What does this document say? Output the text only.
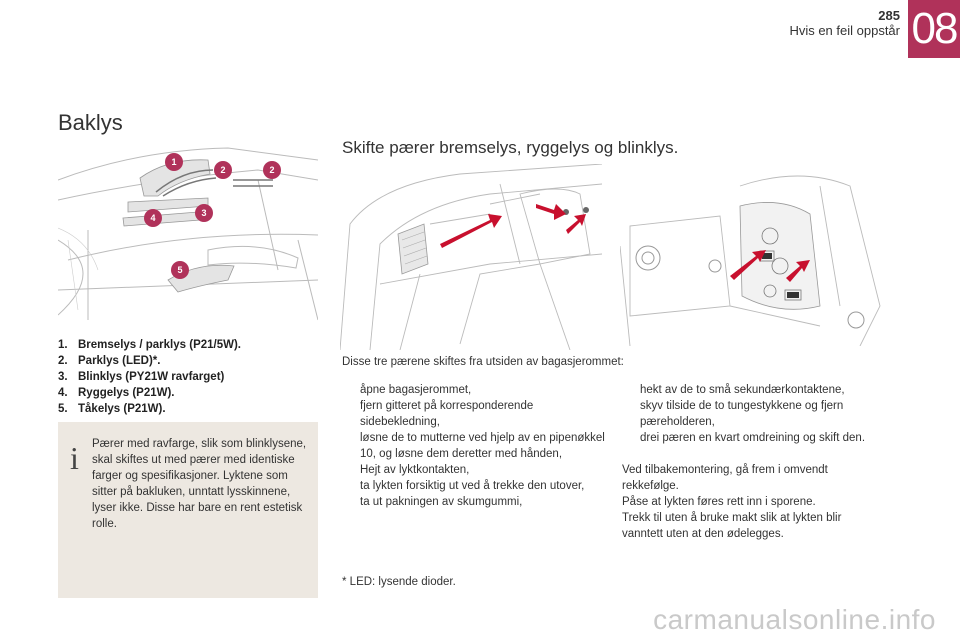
285
Hvis en feil oppstår 08
Baklys
Skifte pærer bremselys, ryggelys og blinklys.
1
2	2
3
4
5
1. Bremselys / parklys (P21/5W).
2. Parklys (LED)*.
3. Blinklys (PY21W ravfarget)
4. Ryggelys (P21W).
5. Tåkelys (P21W).
i Pærer med ravfarge, slik som blinklysene, skal skiftes ut med pærer med identiske farger og spesifikasjoner. Lyktene som sitter på bakluken, unntatt lysskinnene, lyser ikke. Disse har bare en rent estetisk rolle.
Disse tre pærene skiftes fra utsiden av bagasjerommet:
åpne bagasjerommet,
fjern gitteret på korresponderende sidebekledning,
løsne de to mutterne ved hjelp av en pipenøkkel 10, og løsne dem deretter med hånden,
Hejt av lyktkontakten,
ta lykten forsiktig ut ved å trekke den utover,
ta ut pakningen av skumgummi,
hekt av de to små sekundærkontaktene,
skyv tilside de to tungestykkene og fjern pæreholderen,
drei pæren en kvart omdreining og skift den.

Ved tilbakemontering, gå frem i omvendt rekkefølge.

Påse at lykten føres rett inn i sporene.

Trekk til uten å bruke makt slik at lykten blir vanntett uten at den ødelegges.

* LED: lysende dioder.
carmanualsonline.info
